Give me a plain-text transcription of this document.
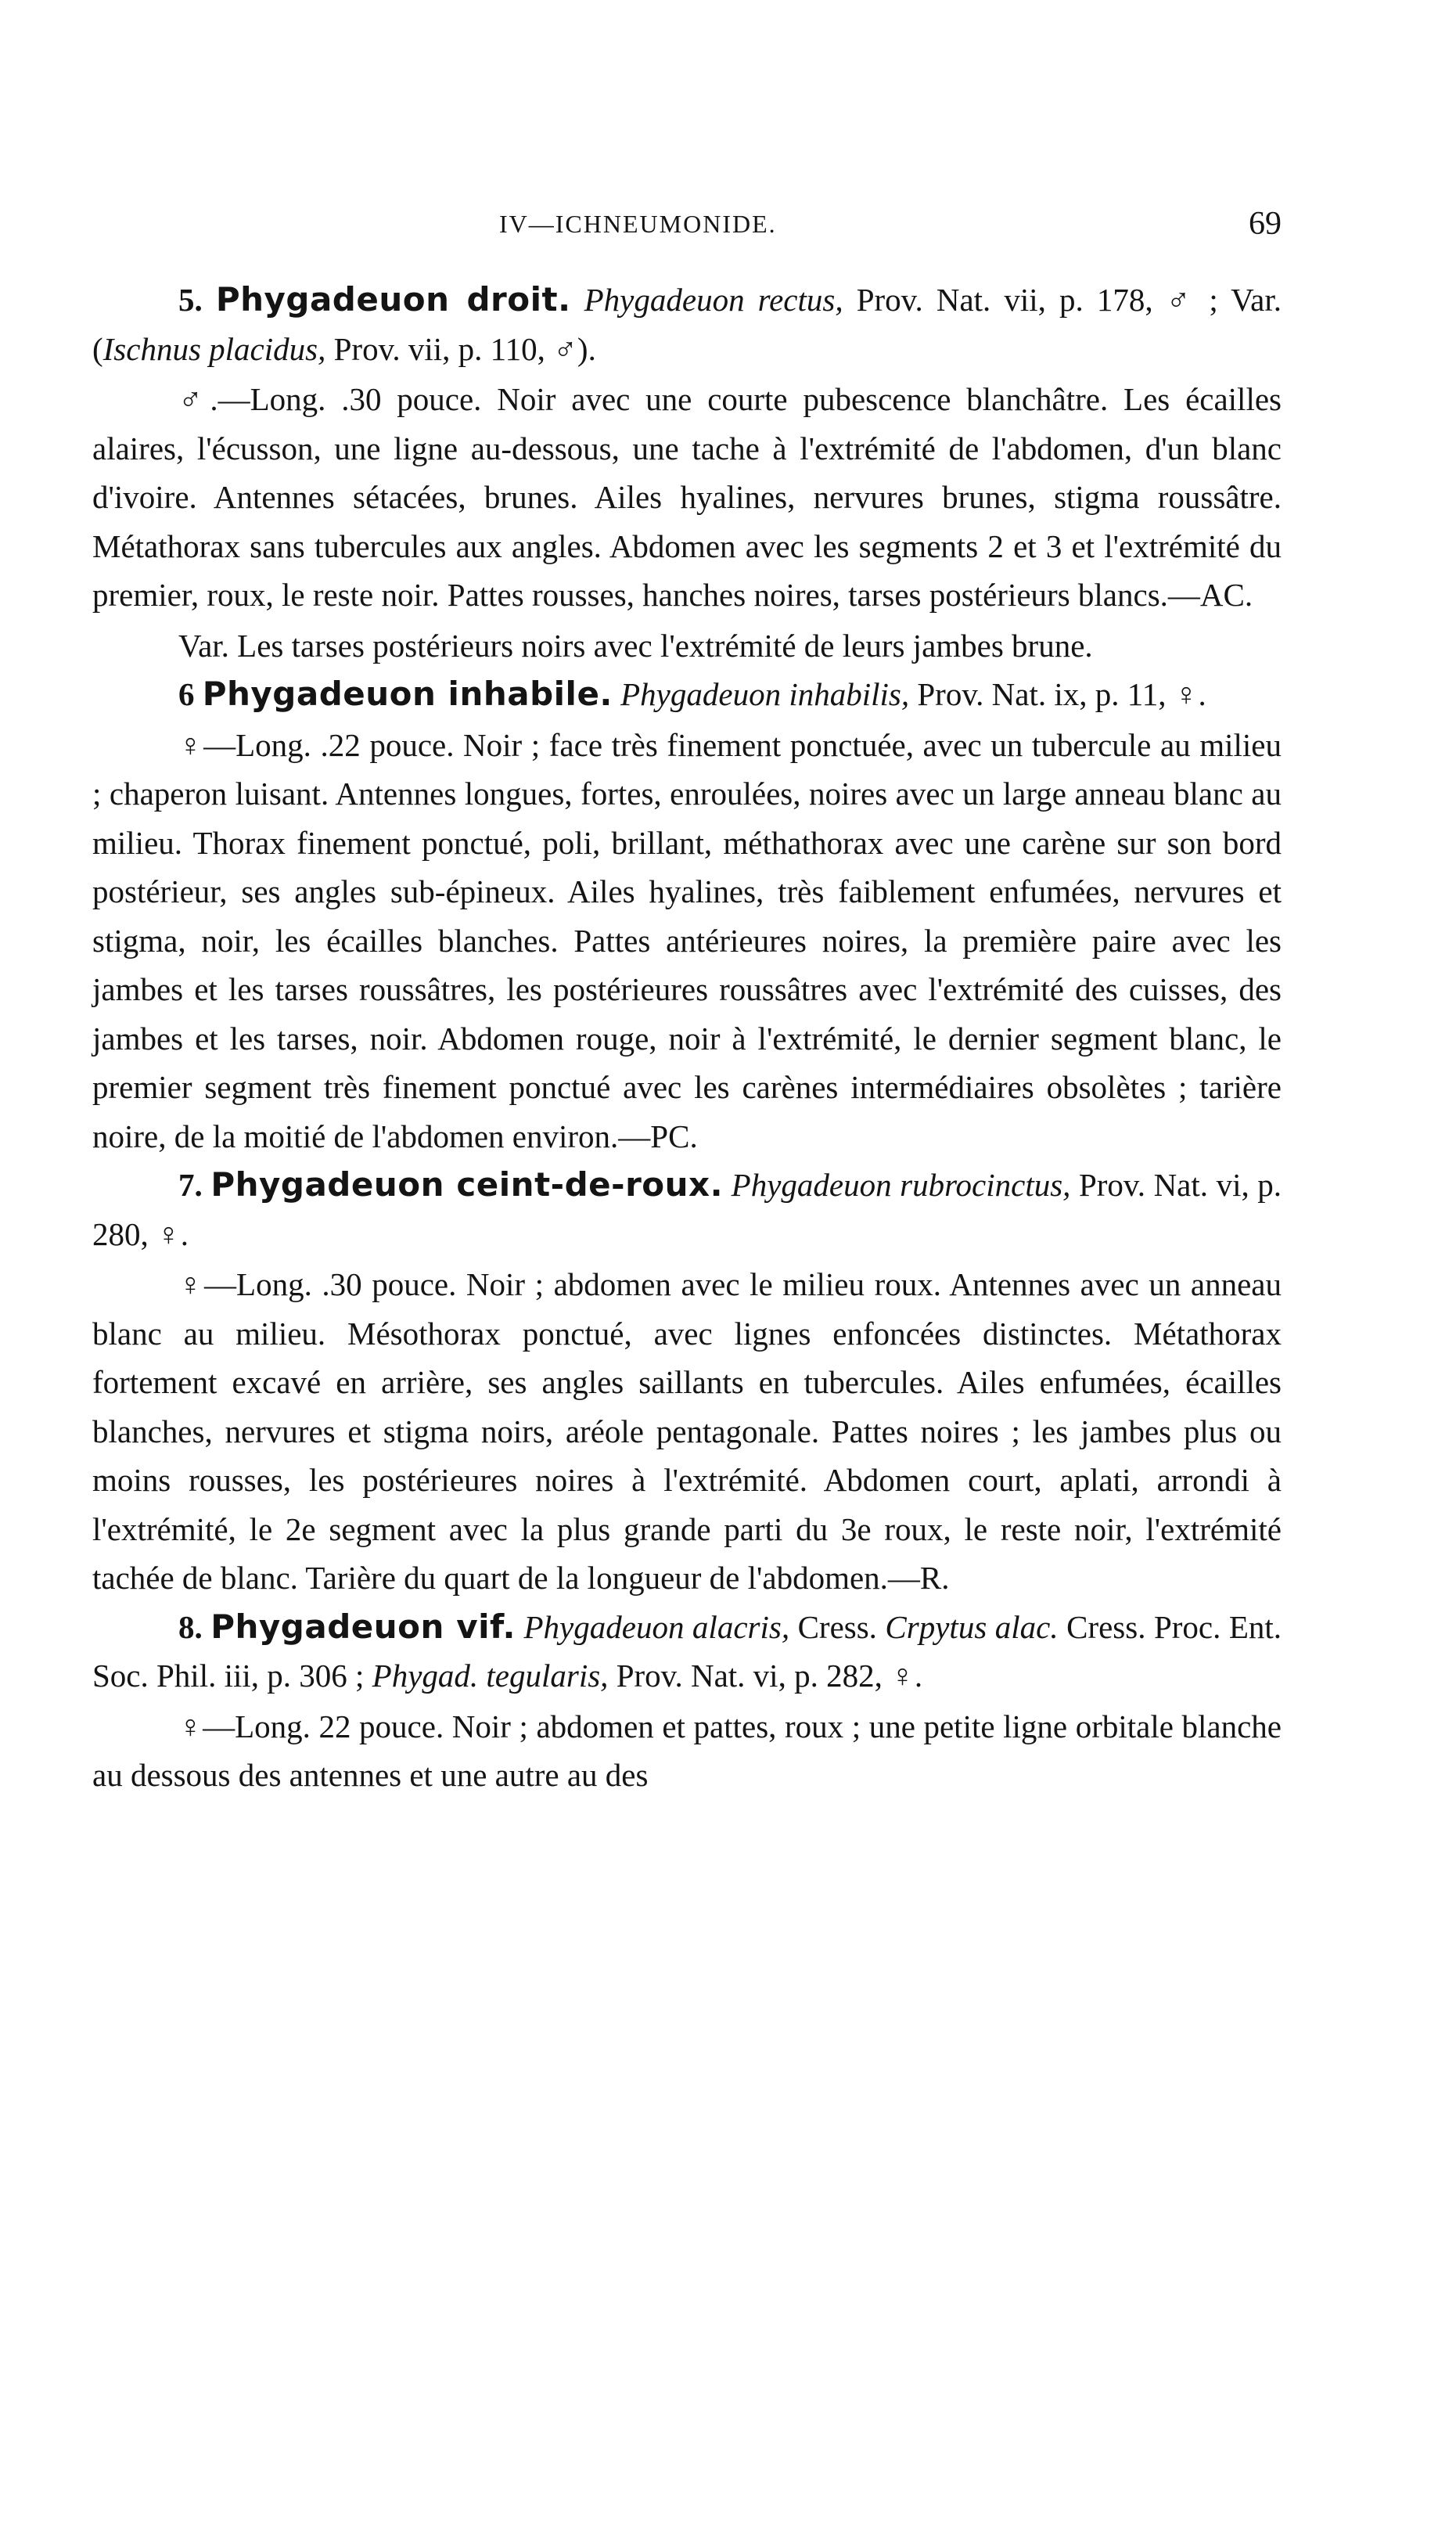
IV—ICHNEUMONIDE.	69

5. Phygadeuon droit. Phygadeuon rectus, Prov. Nat. vii, p. 178, ♂ ; Var. (Ischnus placidus, Prov. vii, p. 110, ♂).

♂.—Long. .30 pouce. Noir avec une courte pubescence blanchâtre. Les écailles alaires, l'écusson, une ligne au-dessous, une tache à l'extrémité de l'abdomen, d'un blanc d'ivoire. Antennes sétacées, brunes. Ailes hyalines, nervures brunes, stigma roussâtre. Métathorax sans tubercules aux angles. Abdomen avec les segments 2 et 3 et l'extrémité du premier, roux, le reste noir. Pattes rousses, hanches noires, tarses postérieurs blancs.—AC.

Var. Les tarses postérieurs noirs avec l'extrémité de leurs jambes brune.

6 Phygadeuon inhabile. Phygadeuon inhabilis, Prov. Nat. ix, p. 11, ♀.

♀—Long. .22 pouce. Noir ; face très finement ponctuée, avec un tubercule au milieu ; chaperon luisant. Antennes longues, fortes, enroulées, noires avec un large anneau blanc au milieu. Thorax finement ponctué, poli, brillant, méthathorax avec une carène sur son bord postérieur, ses angles sub-épineux. Ailes hyalines, très faiblement enfumées, nervures et stigma, noir, les écailles blanches. Pattes antérieures noires, la première paire avec les jambes et les tarses roussâtres, les postérieures roussâtres avec l'extrémité des cuisses, des jambes et les tarses, noir. Abdomen rouge, noir à l'extrémité, le dernier segment blanc, le premier segment très finement ponctué avec les carènes intermédiaires obsolètes ; tarière noire, de la moitié de l'abdomen environ.—PC.

7. Phygadeuon ceint-de-roux. Phygadeuon rubrocinctus, Prov. Nat. vi, p. 280, ♀.

♀—Long. .30 pouce. Noir ; abdomen avec le milieu roux. Antennes avec un anneau blanc au milieu. Mésothorax ponctué, avec lignes enfoncées distinctes. Métathorax fortement excavé en arrière, ses angles saillants en tubercules. Ailes enfumées, écailles blanches, nervures et stigma noirs, aréole pentagonale. Pattes noires ; les jambes plus ou moins rousses, les postérieures noires à l'extrémité. Abdomen court, aplati, arrondi à l'extrémité, le 2e segment avec la plus grande parti du 3e roux, le reste noir, l'extrémité tachée de blanc. Tarière du quart de la longueur de l'abdomen.—R.

8. Phygadeuon vif. Phygadeuon alacris, Cress. Crpytus alac. Cress. Proc. Ent. Soc. Phil. iii, p. 306 ; Phygad. tegularis, Prov. Nat. vi, p. 282, ♀.

♀—Long. 22 pouce. Noir ; abdomen et pattes, roux ; une petite ligne orbitale blanche au dessous des antennes et une autre au des
